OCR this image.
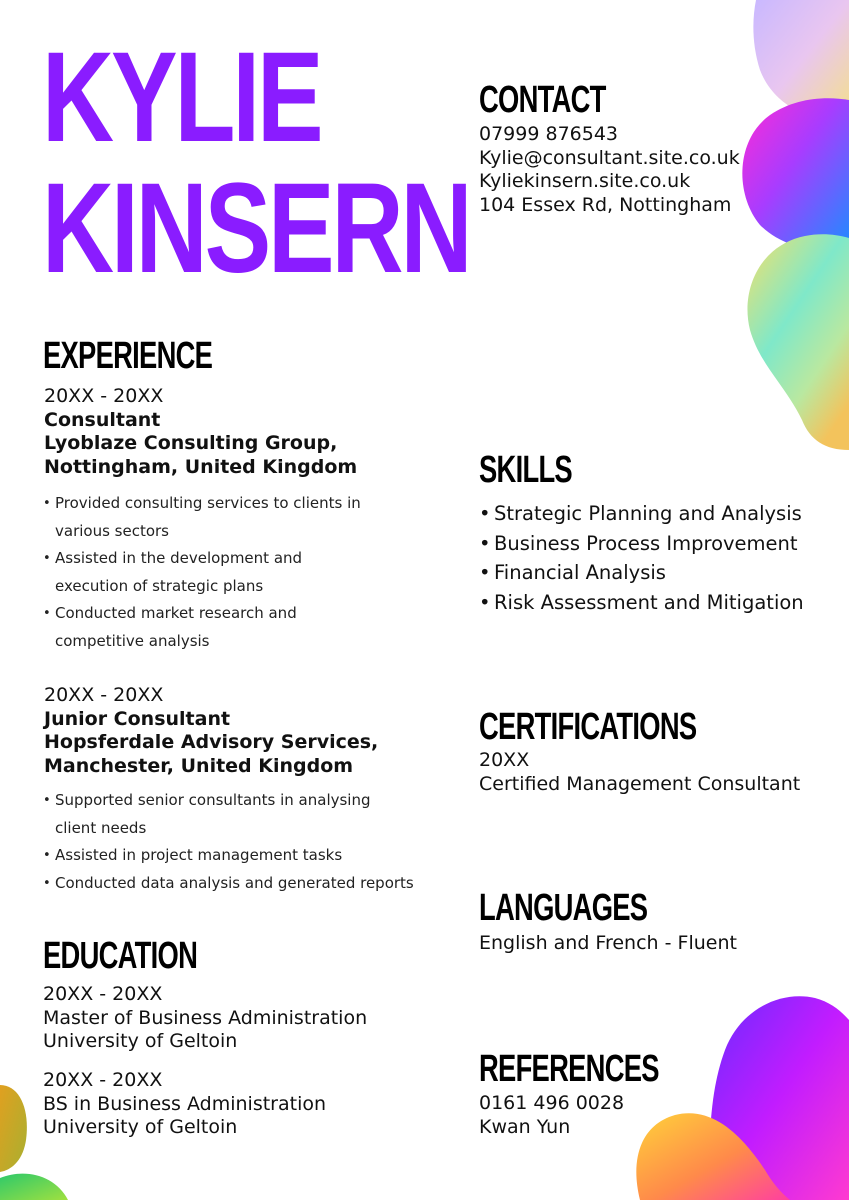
KYLIE
KINSERN
CONTACT
07999 876543
Kylie@consultant.site.co.uk
Kyliekinsern.site.co.uk
104 Essex Rd, Nottingham
EXPERIENCE
20XX - 20XX
Consultant
Lyoblaze Consulting Group,
Nottingham, United Kingdom
• Provided consulting services to clients in
various sectors
• Assisted in the development and
execution of strategic plans
• Conducted market research and
competitive analysis
20XX - 20XX
Junior Consultant
Hopsferdale Advisory Services,
Manchester, United Kingdom
• Supported senior consultants in analysing
client needs
• Assisted in project management tasks
• Conducted data analysis and generated reports
EDUCATION
20XX - 20XX
Master of Business Administration
University of Geltoin
20XX - 20XX
BS in Business Administration
University of Geltoin
SKILLS
• Strategic Planning and Analysis
• Business Process Improvement
• Financial Analysis
• Risk Assessment and Mitigation
CERTIFICATIONS
20XX
Certified Management Consultant
LANGUAGES
English and French - Fluent
REFERENCES
0161 496 0028
Kwan Yun
